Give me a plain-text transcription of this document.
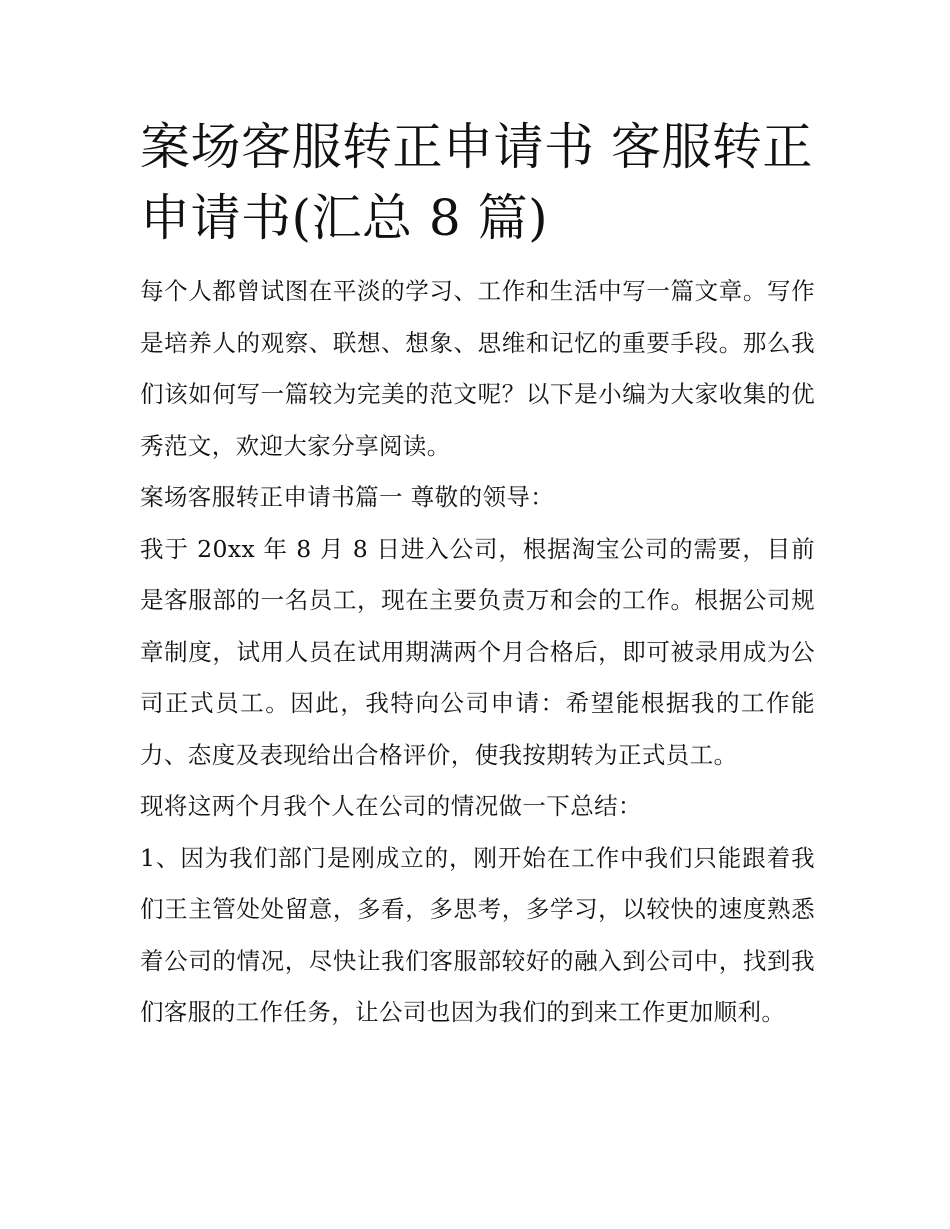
案场客服转正申请书 客服转正申请书(汇总 8 篇)

每个人都曾试图在平淡的学习、工作和生活中写一篇文章。写作是培养人的观察、联想、想象、思维和记忆的重要手段。那么我们该如何写一篇较为完美的范文呢？以下是小编为大家收集的优秀范文，欢迎大家分享阅读。

案场客服转正申请书篇一 尊敬的领导：

我于 20xx 年 8 月 8 日进入公司，根据淘宝公司的需要，目前是客服部的一名员工，现在主要负责万和会的工作。根据公司规章制度，试用人员在试用期满两个月合格后，即可被录用成为公司正式员工。因此，我特向公司申请：希望能根据我的工作能力、态度及表现给出合格评价，使我按期转为正式员工。

现将这两个月我个人在公司的情况做一下总结：

1、因为我们部门是刚成立的，刚开始在工作中我们只能跟着我们王主管处处留意，多看，多思考，多学习，以较快的速度熟悉着公司的情况，尽快让我们客服部较好的融入到公司中，找到我们客服的工作任务，让公司也因为我们的到来工作更加顺利。
